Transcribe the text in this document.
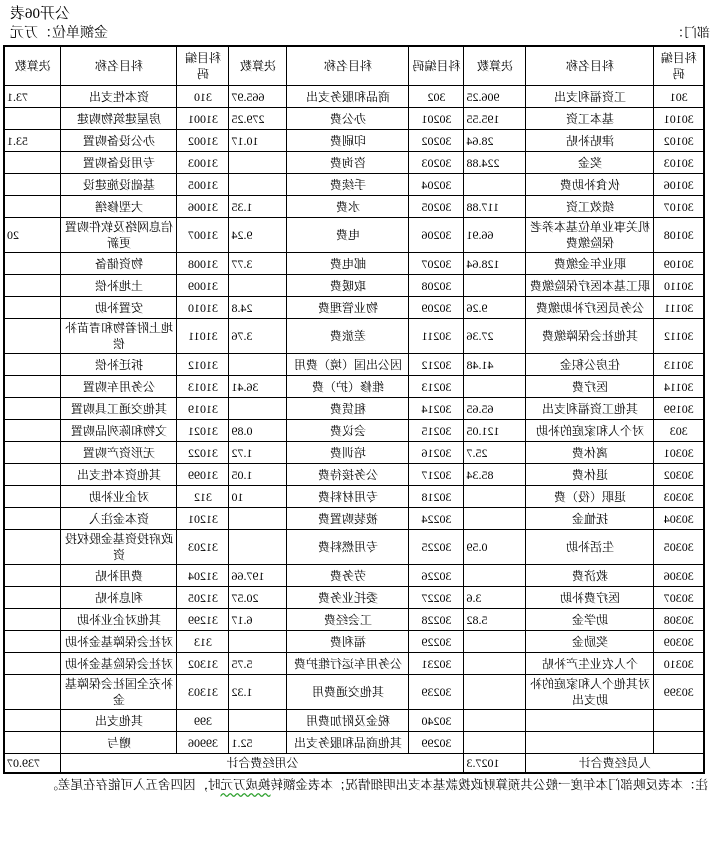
部门：
公开06表
金额单位：万元
科目编码	科目名称	决算数	科目编码	科目名称	决算数	科目编码	科目名称	决算数
301	工资福利支出	906.25	302	商品和服务支出	665.97	310	资本性支出	73.1
30101	基本工资	195.55	30201	办公费	279.25	31001	房屋建筑物购建	
30102	津贴补贴	28.64	30202	印刷费	10.17	31002	办公设备购置	53.1
30103	奖金	224.88	30203	咨询费		31003	专用设备购置	
30106	伙食补助费		30204	手续费		31005	基础设施建设	
30107	绩效工资	117.88	30205	水费	1.35	31006	大型修缮	
30108	机关事业单位基本养老保险缴费	66.91	30206	电费	9.24	31007	信息网络及软件购置更新	20
30109	职业年金缴费	128.64	30207	邮电费	3.77	31008	物资储备	
30110	职工基本医疗保险缴费		30208	取暖费		31009	土地补偿	
30111	公务员医疗补助缴费	9.26	30209	物业管理费	24.8	31010	安置补助	
30112	其他社会保障缴费	27.36	30211	差旅费	3.76	31011	地上附着物和青苗补偿	
30113	住房公积金	41.48	30212	因公出国（境）费用		31012	拆迁补偿	
30114	医疗费		30213	维修（护）费	36.41	31013	公务用车购置	
30199	其他工资福利支出	65.65	30214	租赁费		31019	其他交通工具购置	
303	对个人和家庭的补助	121.05	30215	会议费	0.89	31021	文物和陈列品购置	
30301	离休费	25.7	30216	培训费	1.72	31022	无形资产购置	
30302	退休费	85.34	30217	公务接待费	1.05	31099	其他资本性支出	
30303	退职（役）费		30218	专用材料费	10	312	对企业补助	
30304	抚恤金		30224	被装购置费		31201	资本金注入	
30305	生活补助	0.59	30225	专用燃料费		31203	政府投资基金股权投资	
30306	救济费		30226	劳务费	197.66	31204	费用补贴	
30307	医疗费补助	3.6	30227	委托业务费	20.57	31205	利息补贴	
30308	助学金	5.82	30228	工会经费	6.17	31299	其他对企业补助	
30309	奖励金		30229	福利费		313	对社会保障基金补助	
30310	个人农业生产补贴		30231	公务用车运行维护费	5.75	31302	对社会保险基金补助	
30399	对其他个人和家庭的补助支出		30239	其他交通费用	1.32	31303	补充全国社会保障基金	
			30240	税金及附加费用		399	其他支出	
			30299	其他商品和服务支出	52.1	39906	赠与	
人员经费合计		1027.3	公用经费合计					739.07
注：本表反映部门本年度一般公共预算财政拨款基本支出明细情况；本表金额转换成万元时，因四舍五入可能存在尾差。
